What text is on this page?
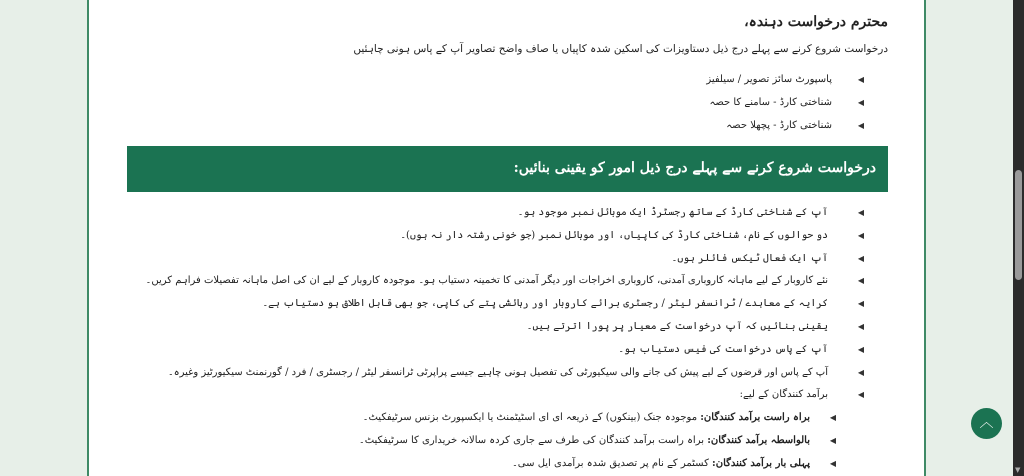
محترم درخواست دہندہ،
درخواست شروع کرنے سے پہلے درج ذیل دستاویزات کی اسکین شدہ کاپیاں یا صاف واضح تصاویر آپ کے پاس ہونی چاہئیں
◀ پاسپورٹ سائز تصویر / سیلفیز
◀ شناختی کارڈ - سامنے کا حصہ
◀ شناختی کارڈ - پچھلا حصہ
درخواست شروع کرنے سے پہلے درج ذیل امور کو یقینی بنائیں:
◀ آپ کے شناختی کارڈ کے ساتھ رجسٹرڈ ایک موبائل نمبر موجود ہو۔
◀ دو حوالوں کے نام، شناختی کارڈ کی کاپیاں، اور موبائل نمبر (جو خونی رشتہ دار نہ ہوں)۔
◀ آپ ایک فعال ٹیکس فائلر ہوں۔
◀ نئے کاروبار کے لیے ماہانہ کاروباری آمدنی، کاروباری اخراجات اور دیگر آمدنی کا تخمینہ دستیاب ہو۔ موجودہ کاروبار کے لیے ان کی اصل ماہانہ تفصیلات فراہم کریں۔
◀ کرایہ کے معاہدے / ٹرانسفر لیٹر / رجسٹری برائے کاروبار اور رہائشی پتے کی کاپی، جو بھی قابل اطلاق ہو دستیاب ہے۔
◀ یقینی بنائیں کہ آپ درخواست کے معیار پر پورا اترتے ہیں۔
◀ آپ کے پاس درخواست کی فیس دستیاب ہو۔
◀ آپ کے پاس اور قرضوں کے لیے پیش کی جانے والی سیکیورٹی کی تفصیل ہونی چاہیے جیسے پراپرٹی ٹرانسفر لیٹر / رجسٹری / فرد / گورنمنٹ سیکیورٹیز وغیرہ۔
◀ برآمد کنندگان کے لیے:
◀ براہ راست برآمد کنندگان: موجودہ جنک (بینکوں) کے ذریعہ ای ای اسٹیٹمنٹ یا ایکسپورٹ بزنس سرٹیفکیٹ۔
◀ بالواسطہ برآمد کنندگان: براہ راست برآمد کنندگان کی طرف سے جاری کردہ سالانہ خریداری کا سرٹیفکیٹ۔
◀ پہلی بار برآمد کنندگان: کسٹمر کے نام پر تصدیق شدہ برآمدی ایل سی۔
︿
▼
